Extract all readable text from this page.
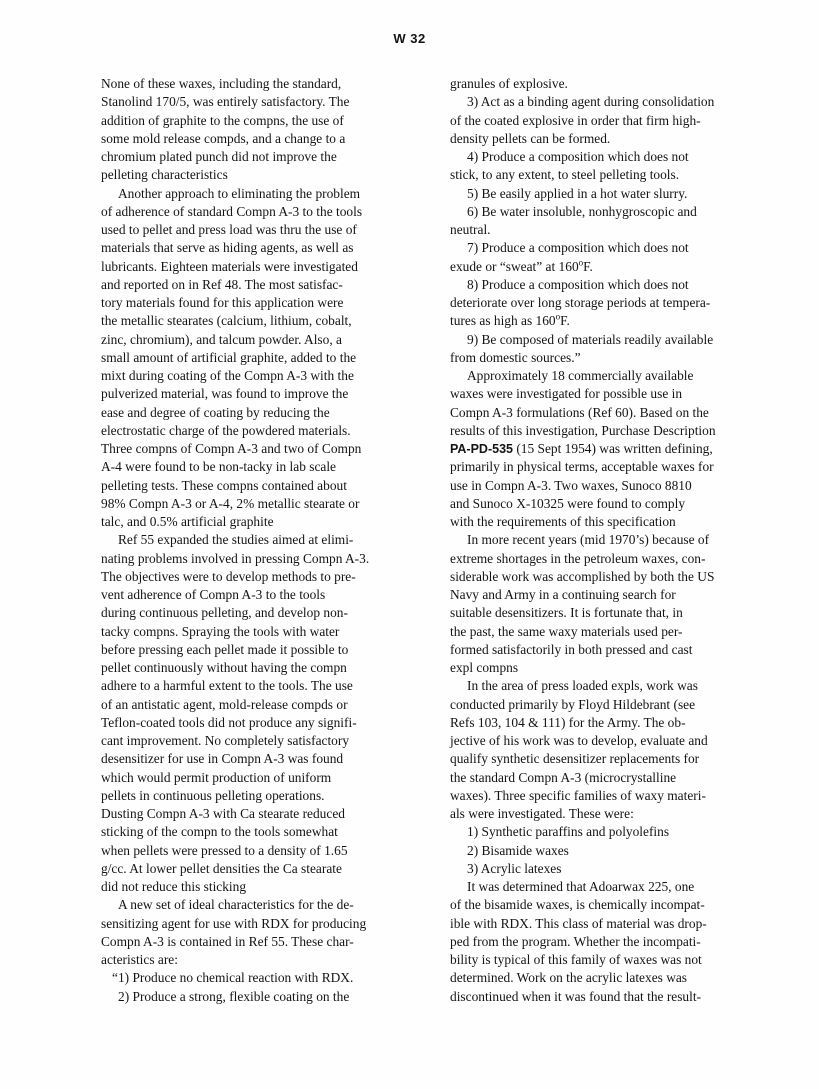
W 32
None of these waxes, including the standard,
Stanolind 170/5, was entirely satisfactory. The
addition of graphite to the compns, the use of
some mold release compds, and a change to a
chromium plated punch did not improve the
pelleting characteristics
Another approach to eliminating the problem
of adherence of standard Compn A-3 to the tools
used to pellet and press load was thru the use of
materials that serve as hiding agents, as well as
lubricants. Eighteen materials were investigated
and reported on in Ref 48. The most satisfac-
tory materials found for this application were
the metallic stearates (calcium, lithium, cobalt,
zinc, chromium), and talcum powder. Also, a
small amount of artificial graphite, added to the
mixt during coating of the Compn A-3 with the
pulverized material, was found to improve the
ease and degree of coating by reducing the
electrostatic charge of the powdered materials.
Three compns of Compn A-3 and two of Compn
A-4 were found to be non-tacky in lab scale
pelleting tests. These compns contained about
98% Compn A-3 or A-4, 2% metallic stearate or
talc, and 0.5% artificial graphite
Ref 55 expanded the studies aimed at elimi-
nating problems involved in pressing Compn A-3.
The objectives were to develop methods to pre-
vent adherence of Compn A-3 to the tools
during continuous pelleting, and develop non-
tacky compns. Spraying the tools with water
before pressing each pellet made it possible to
pellet continuously without having the compn
adhere to a harmful extent to the tools. The use
of an antistatic agent, mold-release compds or
Teflon-coated tools did not produce any signifi-
cant improvement. No completely satisfactory
desensitizer for use in Compn A-3 was found
which would permit production of uniform
pellets in continuous pelleting operations.
Dusting Compn A-3 with Ca stearate reduced
sticking of the compn to the tools somewhat
when pellets were pressed to a density of 1.65
g/cc. At lower pellet densities the Ca stearate
did not reduce this sticking
A new set of ideal characteristics for the de-
sensitizing agent for use with RDX for producing
Compn A-3 is contained in Ref 55. These char-
acteristics are:
“1) Produce no chemical reaction with RDX.
2) Produce a strong, flexible coating on the
granules of explosive.
3) Act as a binding agent during consolidation
of the coated explosive in order that firm high-
density pellets can be formed.
4) Produce a composition which does not
stick, to any extent, to steel pelleting tools.
5) Be easily applied in a hot water slurry.
6) Be water insoluble, nonhygroscopic and
neutral.
7) Produce a composition which does not
exude or “sweat” at 160$^o$F.
8) Produce a composition which does not
deteriorate over long storage periods at tempera-
tures as high as 160$^o$F.
9) Be composed of materials readily available
from domestic sources.”
Approximately 18 commercially available
waxes were investigated for possible use in
Compn A-3 formulations (Ref 60). Based on the
results of this investigation, Purchase Description
PA-PD-535 (15 Sept 1954) was written defining,
primarily in physical terms, acceptable waxes for
use in Compn A-3. Two waxes, Sunoco 8810
and Sunoco X-10325 were found to comply
with the requirements of this specification
In more recent years (mid 1970’s) because of
extreme shortages in the petroleum waxes, con-
siderable work was accomplished by both the US
Navy and Army in a continuing search for
suitable desensitizers. It is fortunate that, in
the past, the same waxy materials used per-
formed satisfactorily in both pressed and cast
expl compns
In the area of press loaded expls, work was
conducted primarily by Floyd Hildebrant (see
Refs 103, 104 & 111) for the Army. The ob-
jective of his work was to develop, evaluate and
qualify synthetic desensitizer replacements for
the standard Compn A-3 (microcrystalline
waxes). Three specific families of waxy materi-
als were investigated. These were:
1) Synthetic paraffins and polyolefins
2) Bisamide waxes
3) Acrylic latexes
It was determined that Adoarwax 225, one
of the bisamide waxes, is chemically incompat-
ible with RDX. This class of material was drop-
ped from the program. Whether the incompati-
bility is typical of this family of waxes was not
determined. Work on the acrylic latexes was
discontinued when it was found that the result-
